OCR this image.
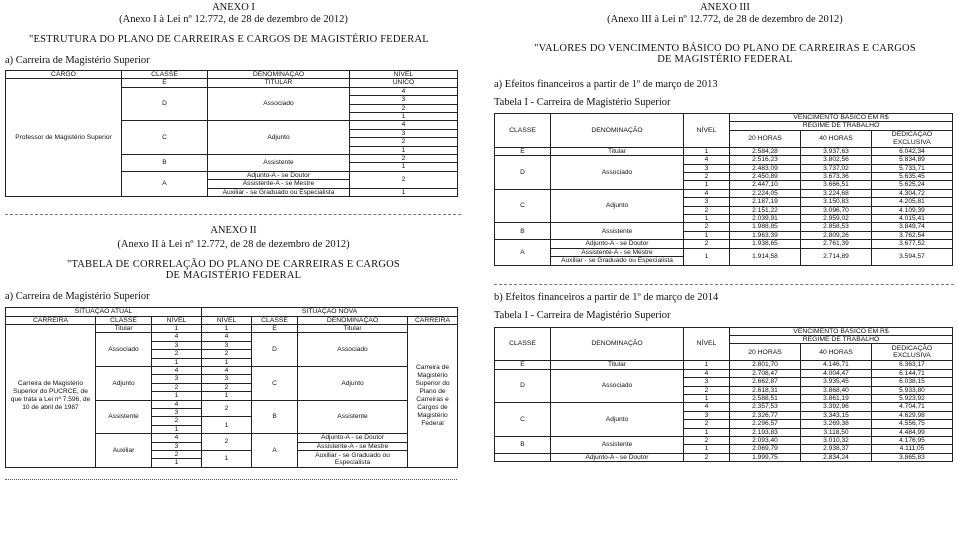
ANEXO I
(Anexo I à Lei nº 12.772, de 28 de dezembro de 2012)
"ESTRUTURA DO PLANO DE CARREIRAS E CARGOS DE MAGISTÉRIO FEDERAL
a) Carreira de Magistério Superior
CARGO	CLASSE	DENOMINAÇÃO	NÍVEL
Professor de Magistério Superior	E	TITULAR	ÚNICO
	D	Associado	4
			3
			2
			1
	C	Adjunto	4
			3
			2
			1
	B	Assistente	2
			1
	A	Adjunto-A - se Doutor	2
		Assistente-A - se Mestre	
		Auxiliar - se Graduado ou Especialista	1
ANEXO II
(Anexo II à Lei nº 12.772, de 28 de dezembro de 2012)
"TABELA DE CORRELAÇÃO DO PLANO DE CARREIRAS E CARGOS
DE MAGISTÉRIO FEDERAL
a) Carreira de Magistério Superior
SITUAÇÃO ATUAL			SITUAÇÃO NOVA			
CARREIRA	CLASSE	NÍVEL	NÍVEL	CLASSE	DENOMINAÇÃO	CARREIRA
Carreira de Magistério Superior do PUCRCE, de que trata a Lei nº 7.596, de 10 de abril de 1987	Titular	1	1	E	Titular	Carreira de Magistério Superior do Plano de Carreiras e Cargos de Magistério Federal
	Associado	4	4	D	Associado	
		3	3			
		2	2			
		1	1			
	Adjunto	4	4	C	Adjunto	
		3	3			
		2	2			
		1	1			
	Assistente	4	2	B	Assistente	
		3				
		2	1			
		1				
	Auxiliar	4	2	A	Adjunto-A - se Doutor	
		3			Assistente-A - se Mestre	
		2	1		Auxiliar - se Graduado ou Especialista	
		1				
ANEXO III
(Anexo III à Lei nº 12.772, de 28 de dezembro de 2012)
"VALORES DO VENCIMENTO BÁSICO DO PLANO DE CARREIRAS E CARGOS
DE MAGISTÉRIO FEDERAL
a) Efeitos financeiros a partir de 1º de março de 2013
Tabela I - Carreira de Magistério Superior
CLASSE	DENOMINAÇÃO	NÍVEL	VENCIMENTO BÁSICO EM R$		
			REGIME DE TRABALHO		
			20 HORAS	40 HORAS	DEDICAÇÃO EXCLUSIVA

E	Titular	1	2.584,28	3.937,63	6.042,34
D	Associado	4	2.516,23	3.802,56	5.834,89
		3	2.483,09	3.737,02	5.733,71
		2	2.450,89	3.673,36	5.635,45
		1	2.447,10	3.666,51	5.625,24
C	Adjunto	4	2.224,05	3.224,68	4.304,72
		3	2.187,19	3.150,83	4.205,81
		2	2.151,22	3.096,70	4.109,39
		1	2.039,91	2.959,02	4.015,41
B	Assistente	2	1.988,85	2.858,53	3.849,74
		1	1.963,39	2.809,26	3.762,54
A	Adjunto-A - se Doutor	2	1.938,65	2.761,39	3.677,52
	Assistente-A - se Mestre	1	1.914,58	2.714,89	3.594,57
	Auxiliar - se Graduado ou Especialista				

b) Efeitos financeiros a partir de 1º de março de 2014
Tabela I - Carreira de Magistério Superior
CLASSE	DENOMINAÇÃO	NÍVEL	VENCIMENTO BÁSICO EM R$		
			REGIME DE TRABALHO		
			20 HORAS	40 HORAS	DEDICAÇÃO EXCLUSIVA

E	Titular	1	2.801,70	4.146,71	6.363,17
D	Associado	4	2.708,47	4.004,47	6.144,71
		3	2.662,87	3.935,45	6.038,15
		2	2.618,31	3.868,40	5.933,80
		1	2.588,51	3.861,19	5.923,92
C	Adjunto	4	2.357,53	3.392,96	4.704,71
		3	2.326,77	3.343,15	4.629,98
		2	2.296,57	3.269,38	4.556,75
		1	2.193,83	3.118,50	4.484,99
B	Assistente	2	2.093,40	3.010,32	4.176,95
		1	2.069,79	2.938,37	4.111,05
	Adjunto-A - se Doutor	2	1.999,75	2.834,24	3.865,83
